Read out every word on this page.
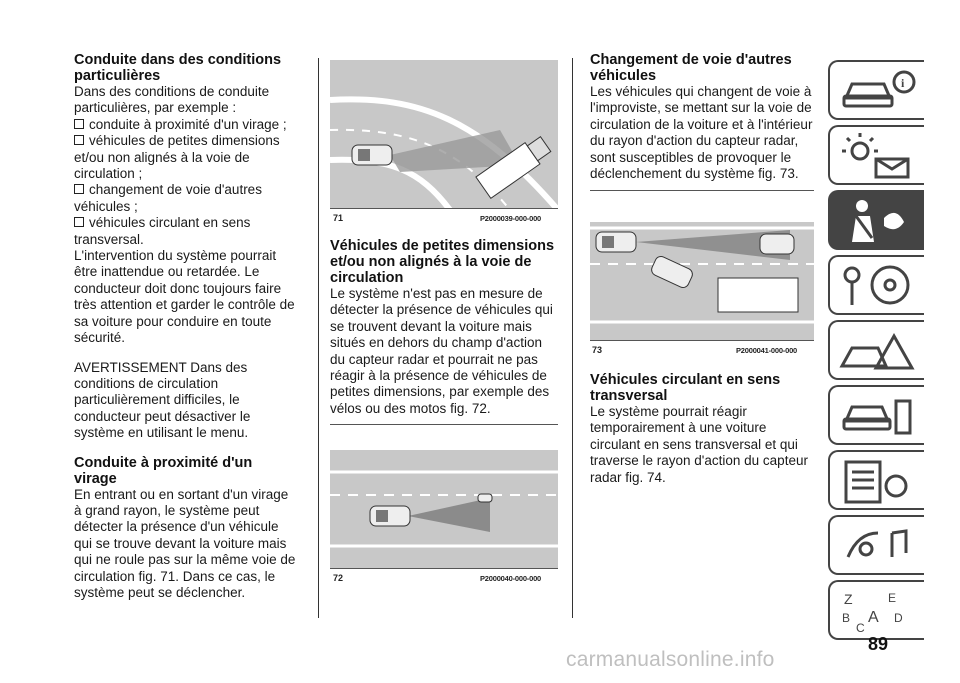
Conduite dans des conditions particulières

Dans des conditions de conduite particulières, par exemple :

conduite à proximité d'un virage ;
véhicules de petites dimensions et/ou non alignés à la voie de circulation ;
changement de voie d'autres véhicules ;
véhicules circulant en sens transversal.

L'intervention du système pourrait être inattendue ou retardée. Le conducteur doit donc toujours faire très attention et garder le contrôle de sa voiture pour conduire en toute sécurité.

AVERTISSEMENT Dans des conditions de circulation particulièrement difficiles, le conducteur peut désactiver le système en utilisant le menu.

Conduite à proximité d'un virage

En entrant ou en sortant d'un virage à grand rayon, le système peut détecter la présence d'un véhicule qui se trouve devant la voiture mais qui ne roule pas sur la même voie de circulation fig. 71. Dans ce cas, le système peut se déclencher.

71	P2000039-000-000
Véhicules de petites dimensions et/ou non alignés à la voie de circulation

Le système n'est pas en mesure de détecter la présence de véhicules qui se trouvent devant la voiture mais situés en dehors du champ d'action du capteur radar et pourrait ne pas réagir à la présence de véhicules de petites dimensions, par exemple des vélos ou des motos fig. 72.

72	P2000040-000-000
Changement de voie d'autres véhicules

Les véhicules qui changent de voie à l'improviste, se mettant sur la voie de circulation de la voiture et à l'intérieur du rayon d'action du capteur radar, sont susceptibles de provoquer le déclenchement du système fig. 73.

73	P2000041-000-000
Véhicules circulant en sens transversal

Le système pourrait réagir temporairement à une voiture circulant en sens transversal et qui traverse le rayon d'action du capteur radar fig. 74.

i
Z	E
B A D
C
89
carmanualsonline.info
